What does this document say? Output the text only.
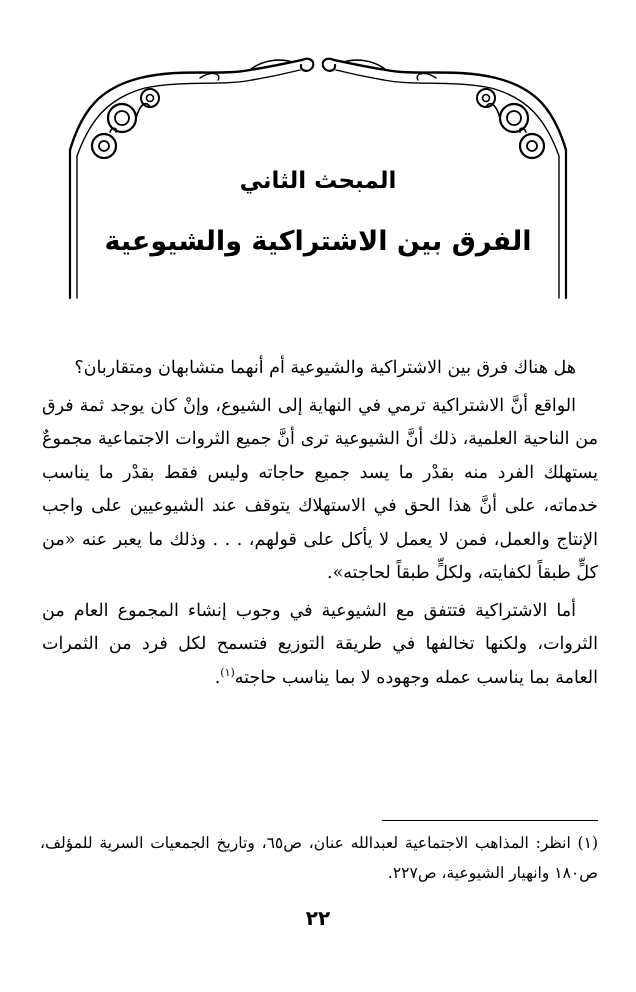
المبحث الثاني
الفرق بين الاشتراكية والشيوعية

هل هناك فرق بين الاشتراكية والشيوعية أم أنهما متشابهان ومتقاربان؟

الواقع أنَّ الاشتراكية ترمي في النهاية إلى الشيوع، وإنْ كان يوجد ثمة فرق من الناحية العلمية، ذلك أنَّ الشيوعية ترى أنَّ جميع الثروات الاجتماعية مجموعٌ يستهلك الفرد منه بقدْر ما يسد جميع حاجاته وليس فقط بقدْر ما يناسب خدماته، على أنَّ هذا الحق في الاستهلاك يتوقف عند الشيوعيين على واجب الإنتاج والعمل، فمن لا يعمل لا يأكل على قولهم، . . . وذلك ما يعبر عنه «من كلٍّ طبقاً لكفايته، ولكلٍّ طبقاً لحاجته».

أما الاشتراكية فتتفق مع الشيوعية في وجوب إنشاء المجموع العام من الثروات، ولكنها تخالفها في طريقة التوزيع فتسمح لكل فرد من الثمرات العامة بما يناسب عمله وجهوده لا بما يناسب حاجته$^{(١)}$.

(١) انظر: المذاهب الاجتماعية لعبدالله عنان، ص٦٥، وتاريخ الجمعيات السرية للمؤلف، ص١٨٠ وانهيار الشيوعية، ص٢٢٧.
٢٢
